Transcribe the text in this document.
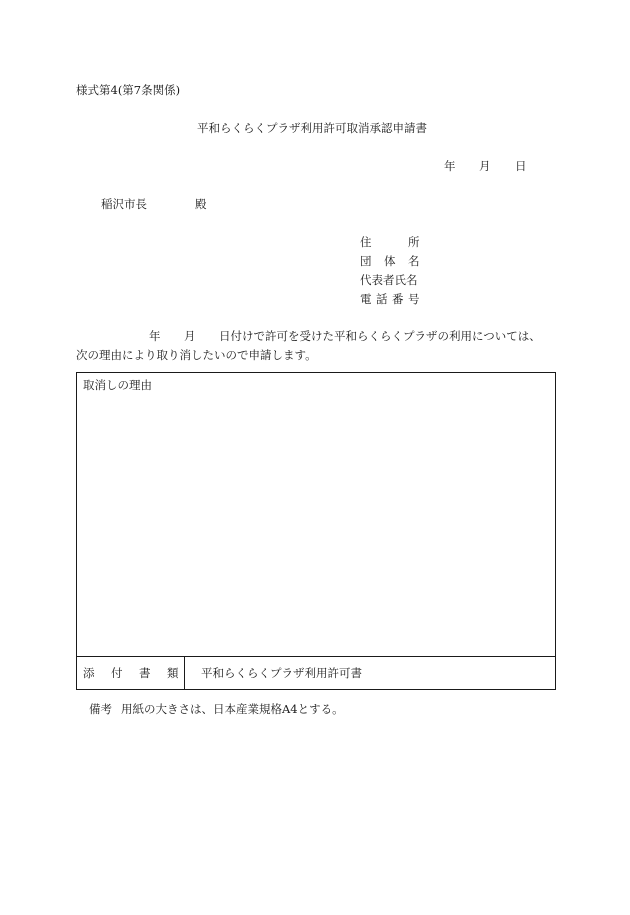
様式第4(第7条関係)
平和らくらくプラザ利用許可取消承認申請書
年 月 日
稲沢市長	殿
住	所
団 体 名
代表者氏名
電 話 番 号
年 月 日付けで許可を受けた平和らくらくプラザの利用については、
次の理由により取り消したいので申請します。
取消しの理由
添 付 書 類 平和らくらくプラザ利用許可書
備考 用紙の大きさは、日本産業規格A4とする。
